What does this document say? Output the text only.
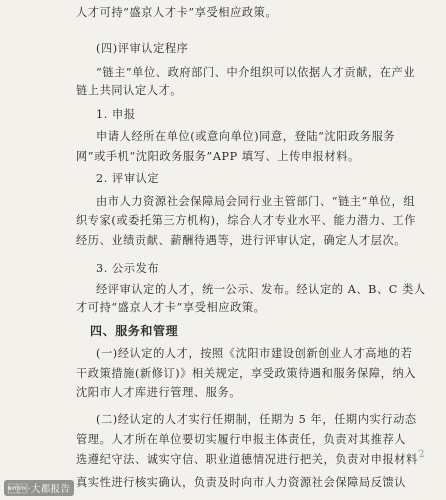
人才可持“盛京人才卡”享受相应政策。
(四)评审认定程序
“链主”单位、政府部门、中介组织可以依据人才贡献，在产业
链上共同认定人才。
1. 申报
申请人经所在单位(或意向单位)同意，登陆“沈阳政务服务
网”或手机“沈阳政务服务”APP 填写、上传申报材料。
2. 评审认定
由市人力资源社会保障局会同行业主管部门、“链主”单位，组
织专家(或委托第三方机构)，综合人才专业水平、能力潜力、工作
经历、业绩贡献、薪酬待遇等，进行评审认定，确定人才层次。
3. 公示发布
经评审认定的人才，统一公示、发布。经认定的 A、B、C 类人
才可持“盛京人才卡”享受相应政策。
四、服务和管理
(一)经认定的人才，按照《沈阳市建设创新创业人才高地的若
干政策措施(新修订)》相关规定，享受政策待遇和服务保障，纳入
沈阳市人才库进行管理、服务。
(二)经认定的人才实行任期制，任期为 5 年，任期内实行动态
管理。人才所在单位要切实履行申报主体责任，负责对其推荐人
选遵纪守法、诚实守信、职业道德情况进行把关，负责对申报材料
真实性进行核实确认，负责及时向市人力资源社会保障局反馈认
2
·大都报告
